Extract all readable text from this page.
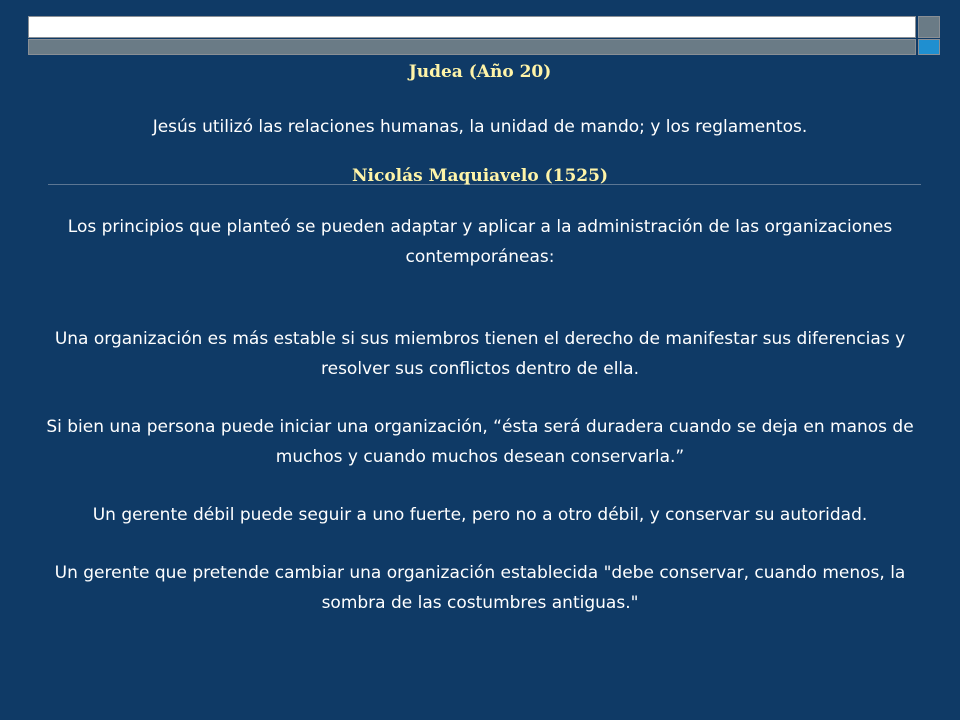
Judea (Año 20)

Jesús utilizó las relaciones humanas, la unidad de mando; y los reglamentos.

Nicolás Maquiavelo (1525)

Los principios que planteó se pueden adaptar y aplicar a la administración de las organizaciones contemporáneas:

Una organización es más estable si sus miembros tienen el derecho de manifestar sus diferencias y resolver sus conflictos dentro de ella.

Si bien una persona puede iniciar una organización, “ésta será duradera cuando se deja en manos de muchos y cuando muchos desean conservarla.”

Un gerente débil puede seguir a uno fuerte, pero no a otro débil, y conservar su autoridad.

Un gerente que pretende cambiar una organización establecida "debe conservar, cuando menos, la sombra de las costumbres antiguas."
